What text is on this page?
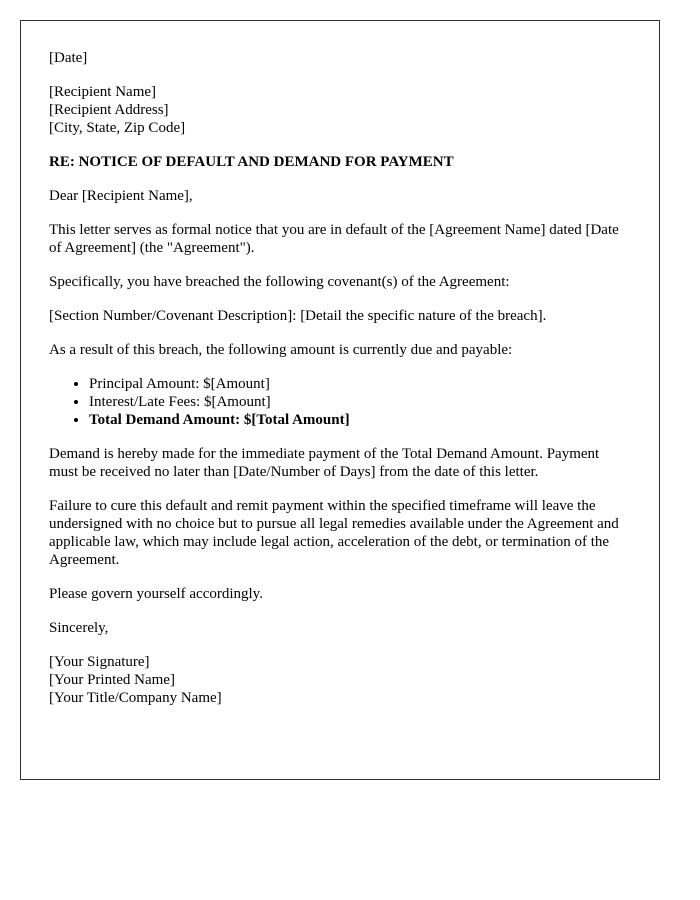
[Date]

[Recipient Name]
[Recipient Address]
[City, State, Zip Code]

RE: NOTICE OF DEFAULT AND DEMAND FOR PAYMENT

Dear [Recipient Name],

This letter serves as formal notice that you are in default of the [Agreement Name] dated [Date of Agreement] (the "Agreement").

Specifically, you have breached the following covenant(s) of the Agreement:

[Section Number/Covenant Description]: [Detail the specific nature of the breach].

As a result of this breach, the following amount is currently due and payable:

• Principal Amount: $[Amount]
• Interest/Late Fees: $[Amount]
• Total Demand Amount: $[Total Amount]

Demand is hereby made for the immediate payment of the Total Demand Amount. Payment must be received no later than [Date/Number of Days] from the date of this letter.

Failure to cure this default and remit payment within the specified timeframe will leave the undersigned with no choice but to pursue all legal remedies available under the Agreement and applicable law, which may include legal action, acceleration of the debt, or termination of the Agreement.

Please govern yourself accordingly.

Sincerely,

[Your Signature]
[Your Printed Name]
[Your Title/Company Name]
